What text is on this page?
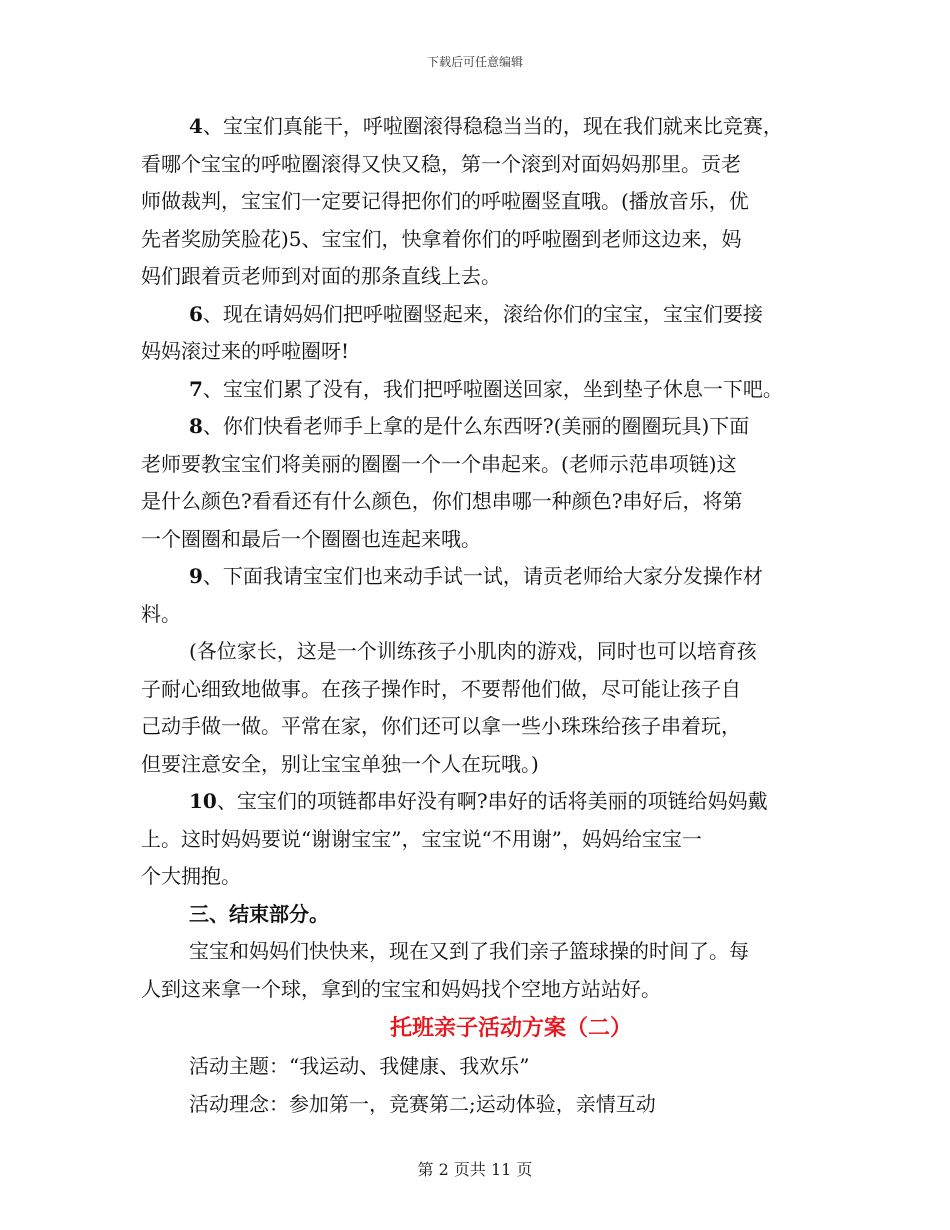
下载后可任意编辑
4、宝宝们真能干，呼啦圈滚得稳稳当当的，现在我们就来比竞赛，
看哪个宝宝的呼啦圈滚得又快又稳，第一个滚到对面妈妈那里。贡老
师做裁判，宝宝们一定要记得把你们的呼啦圈竖直哦。(播放音乐，优
先者奖励笑脸花)5、宝宝们，快拿着你们的呼啦圈到老师这边来，妈
妈们跟着贡老师到对面的那条直线上去。
6、现在请妈妈们把呼啦圈竖起来，滚给你们的宝宝，宝宝们要接
妈妈滚过来的呼啦圈呀!
7、宝宝们累了没有，我们把呼啦圈送回家，坐到垫子休息一下吧。
8、你们快看老师手上拿的是什么东西呀?(美丽的圈圈玩具)下面
老师要教宝宝们将美丽的圈圈一个一个串起来。(老师示范串项链)这
是什么颜色?看看还有什么颜色，你们想串哪一种颜色?串好后，将第
一个圈圈和最后一个圈圈也连起来哦。
9、下面我请宝宝们也来动手试一试，请贡老师给大家分发操作材
料。
(各位家长，这是一个训练孩子小肌肉的游戏，同时也可以培育孩
子耐心细致地做事。在孩子操作时，不要帮他们做，尽可能让孩子自
己动手做一做。平常在家，你们还可以拿一些小珠珠给孩子串着玩，
但要注意安全，别让宝宝单独一个人在玩哦。)
10、宝宝们的项链都串好没有啊?串好的话将美丽的项链给妈妈戴
上。这时妈妈要说“谢谢宝宝”，宝宝说“不用谢”，妈妈给宝宝一
个大拥抱。
三、结束部分。
宝宝和妈妈们快快来，现在又到了我们亲子篮球操的时间了。每
人到这来拿一个球，拿到的宝宝和妈妈找个空地方站站好。
托班亲子活动方案（二）
活动主题：“我运动、我健康、我欢乐”
活动理念：参加第一，竞赛第二;运动体验，亲情互动
第 2 页共 11 页
